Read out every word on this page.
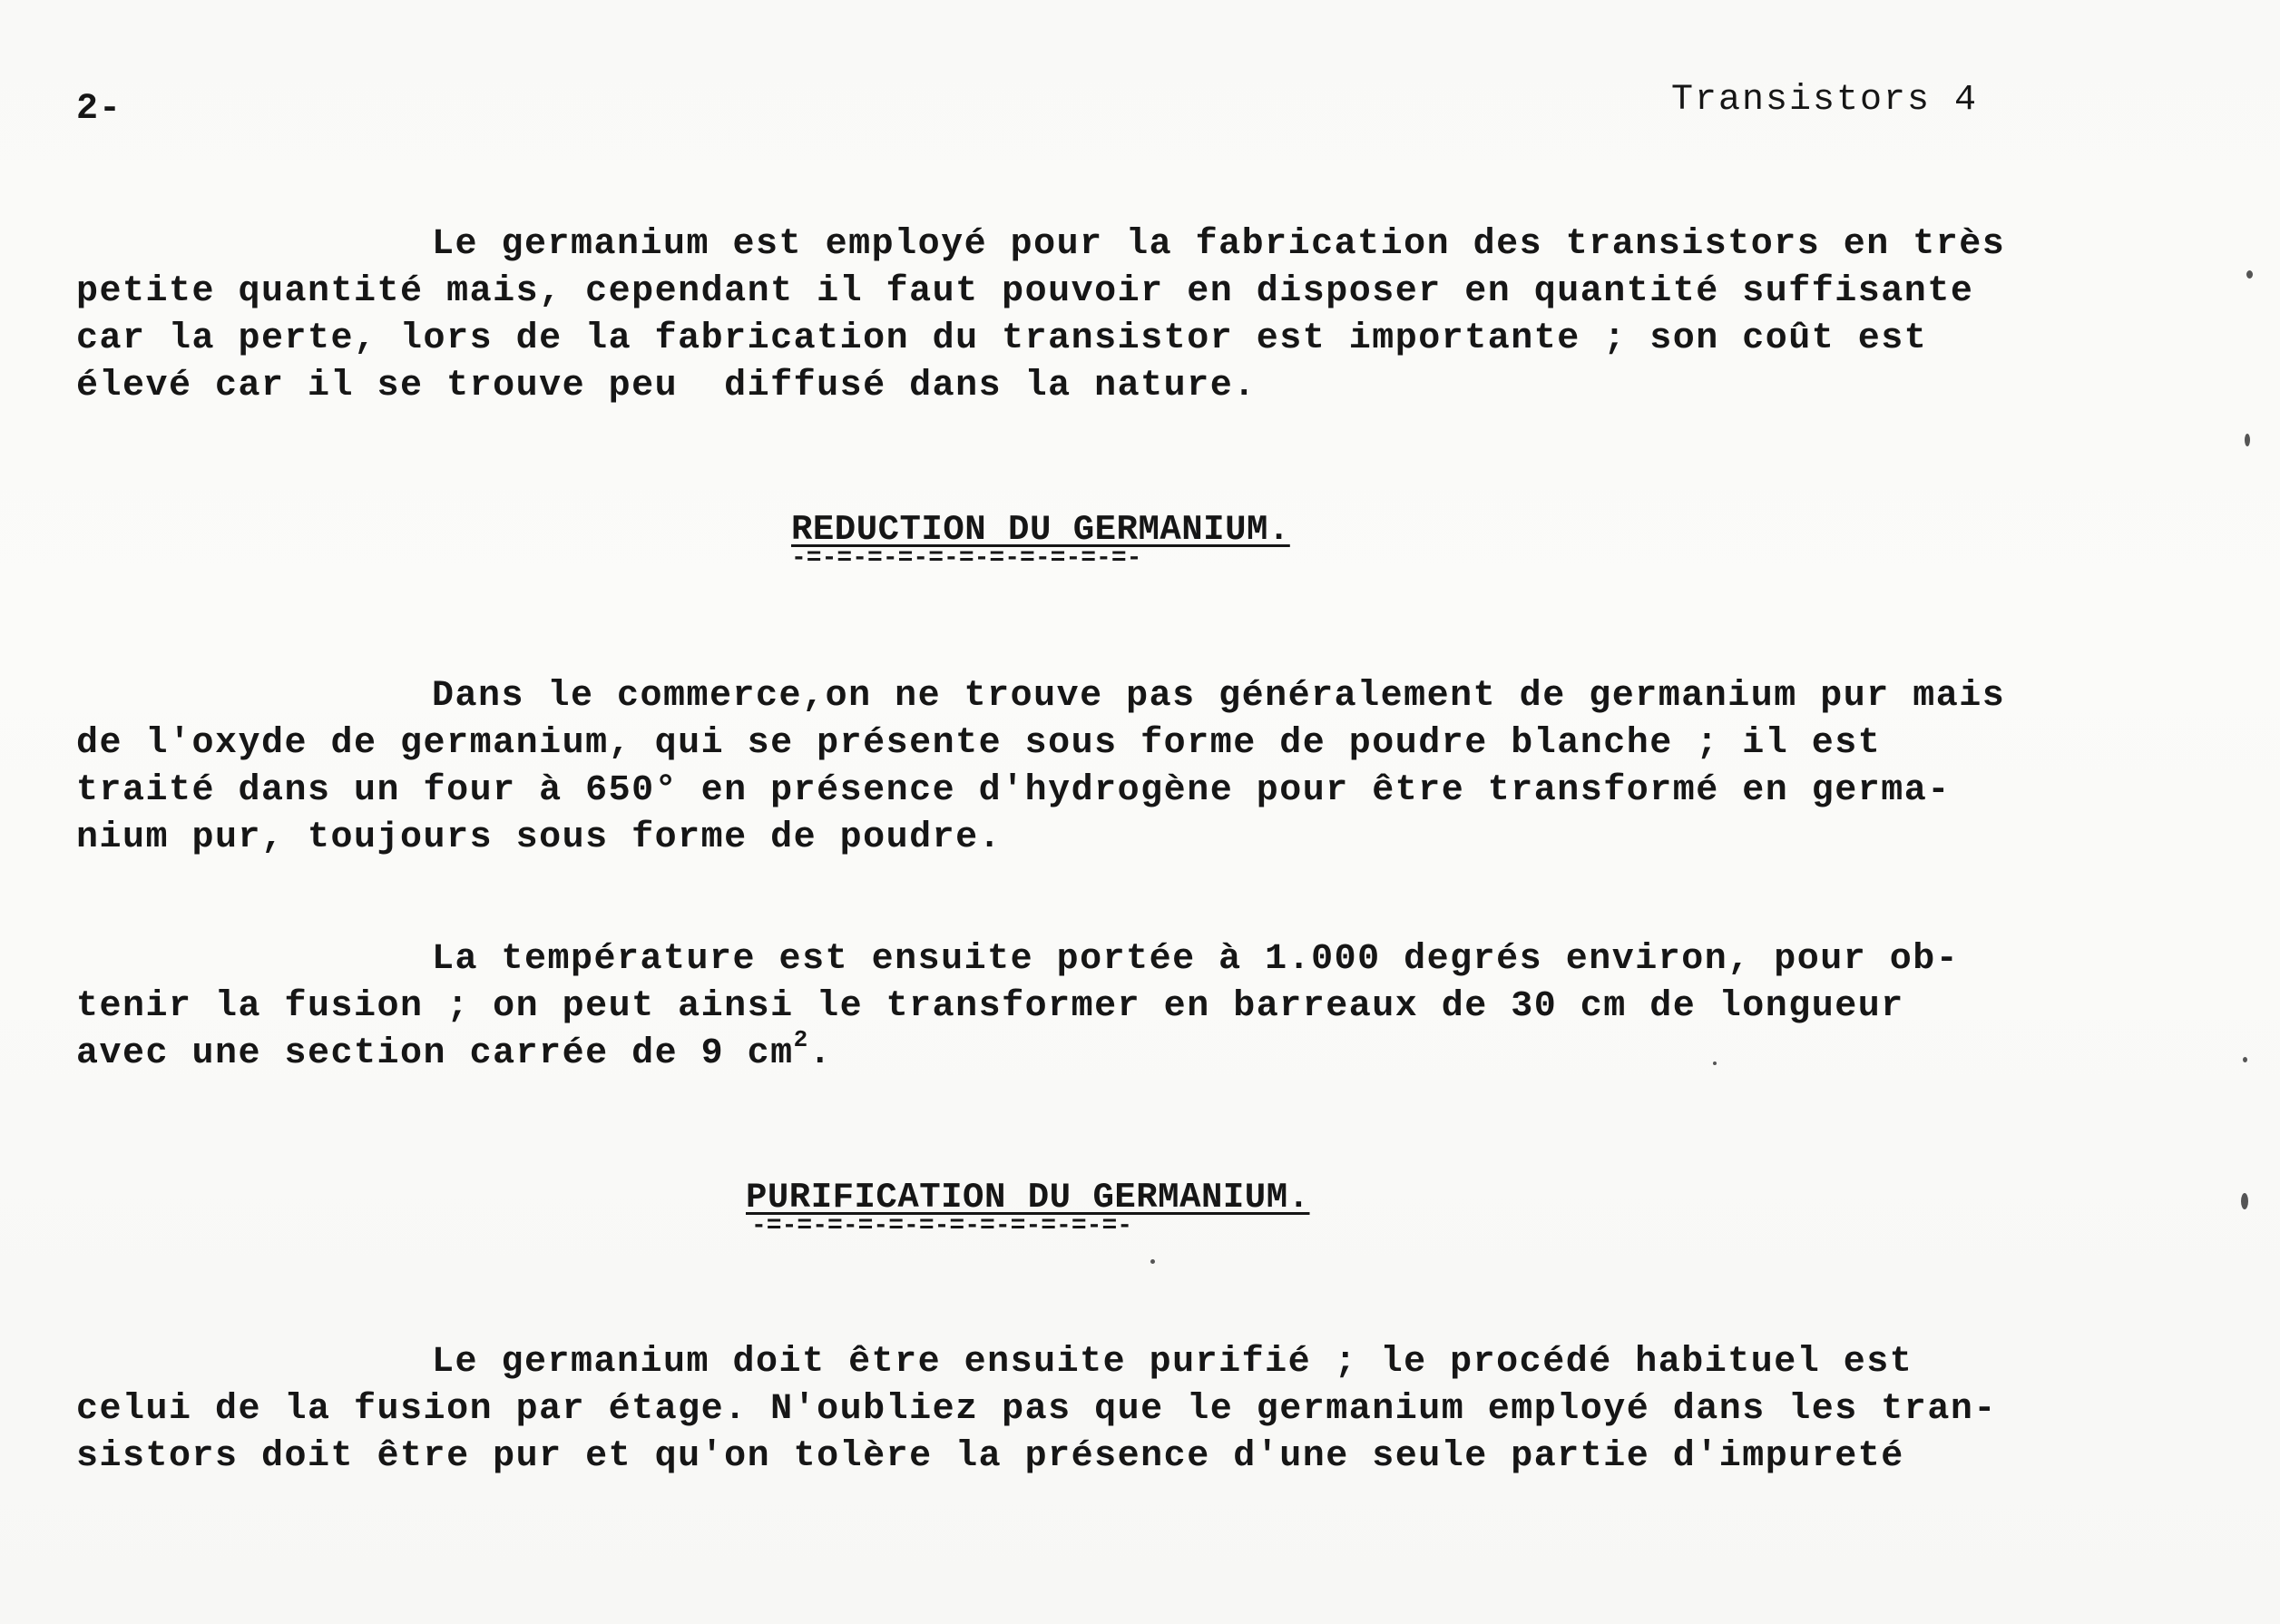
2-	Transistors 4
Le germanium est employé pour la fabrication des transistors en très
petite quantité mais, cependant il faut pouvoir en disposer en quantité suffisante
car la perte, lors de la fabrication du transistor est importante ; son coût est
élevé car il se trouve peu  diffusé dans la nature.
REDUCTION DU GERMANIUM.
-=-=-=-=-=-=-=-=-=-=-=-
Dans le commerce,on ne trouve pas généralement de germanium pur mais
de l'oxyde de germanium, qui se présente sous forme de poudre blanche ; il est
traité dans un four à 650° en présence d'hydrogène pour être transformé en germa-
nium pur, toujours sous forme de poudre.
La température est ensuite portée à 1.000 degrés environ, pour ob-
tenir la fusion ; on peut ainsi le transformer en barreaux de 30 cm de longueur
avec une section carrée de 9 $cm^2$.
PURIFICATION DU GERMANIUM.
-=-=-=-=-=-=-=-=-=-=-=-=-
Le germanium doit être ensuite purifié ; le procédé habituel est
celui de la fusion par étage. N'oubliez pas que le germanium employé dans les tran-
sistors doit être pur et qu'on tolère la présence d'une seule partie d'impureté
